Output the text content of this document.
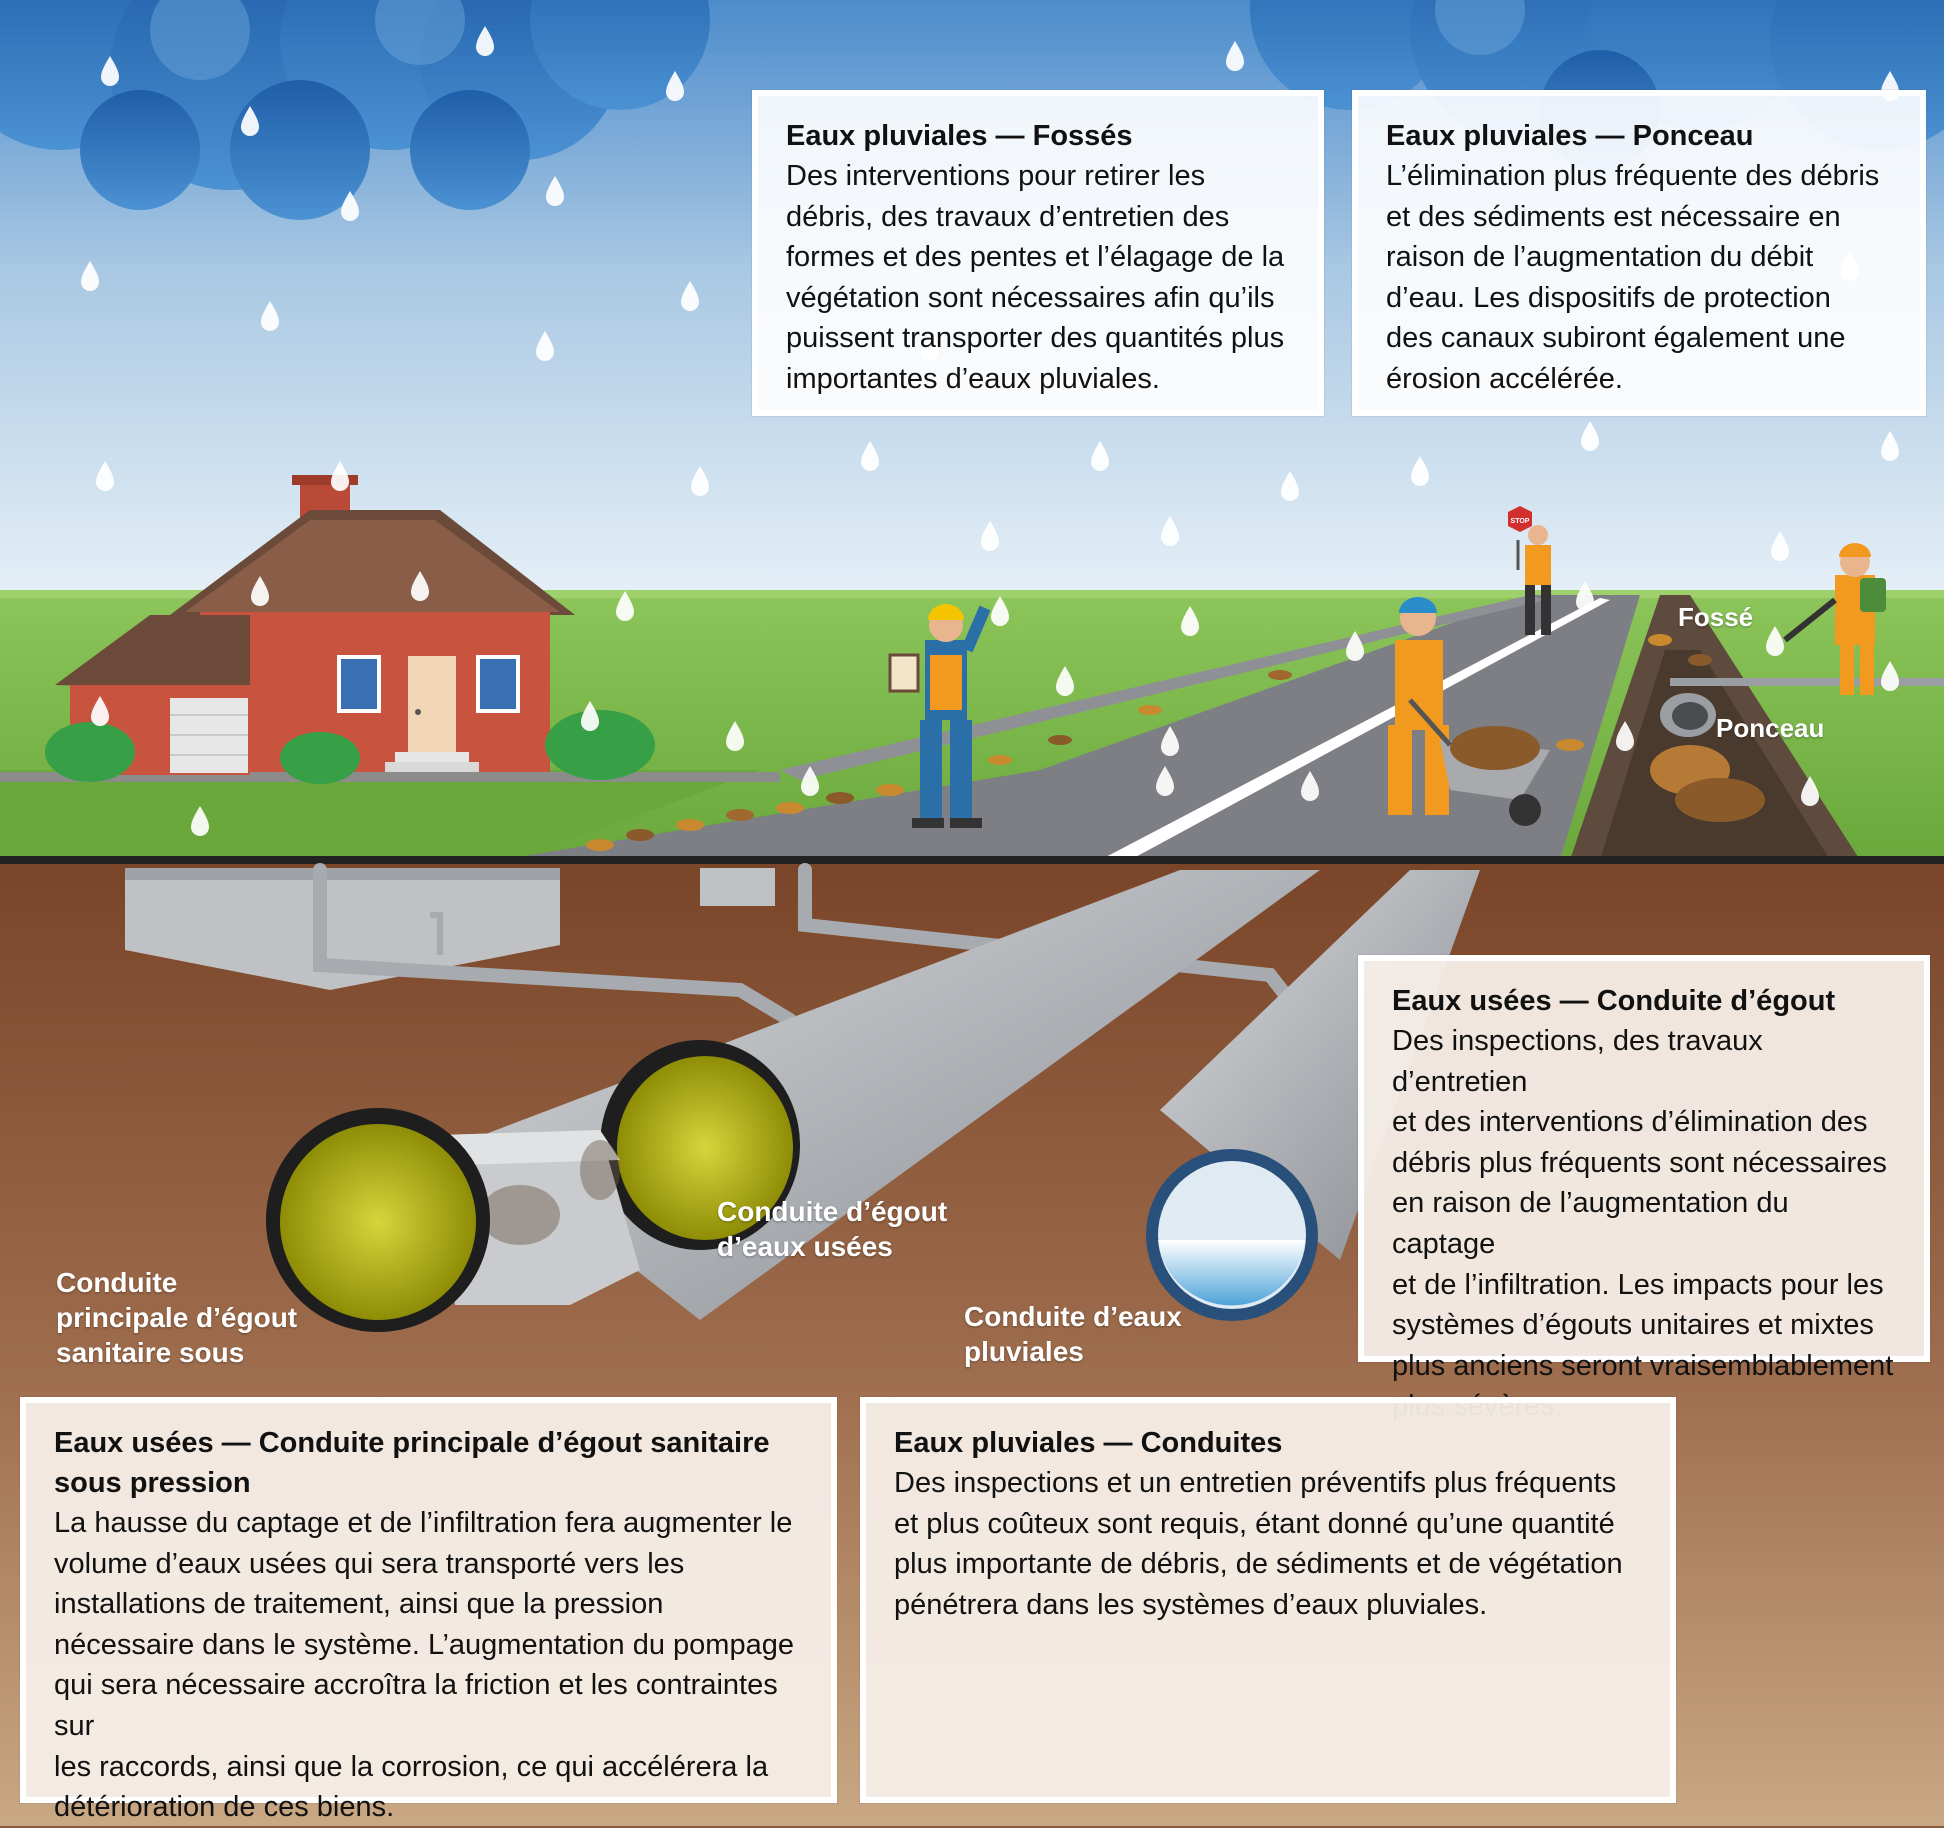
STOP
Eaux pluviales — Fossés

Des interventions pour retirer les
débris, des travaux d’entretien des
formes et des pentes et l’élagage de la
végétation sont nécessaires afin qu’ils
puissent transporter des quantités plus
importantes d’eaux pluviales.

Eaux pluviales — Ponceau

L’élimination plus fréquente des débris
et des sédiments est nécessaire en
raison de l’augmentation du débit
d’eau. Les dispositifs de protection
des canaux subiront également une
érosion accélérée.

Eaux usées — Conduite d’égout

Des inspections, des travaux d’entretien
et des interventions d’élimination des
débris plus fréquents sont nécessaires
en raison de l’augmentation du captage
et de l’infiltration. Les impacts pour les
systèmes d’égouts unitaires et mixtes
plus anciens seront vraisemblablement

Eaux usées — Conduite principale d’égout sanitaire
sous pression

La hausse du captage et de l’infiltration fera augmenter le
volume d’eaux usées qui sera transporté vers les
installations de traitement, ainsi que la pression
nécessaire dans le système. L’augmentation du pompage
qui sera nécessaire accroîtra la friction et les contraintes sur
les raccords, ainsi que la corrosion, ce qui accélérera la
détérioration de ces biens.

Eaux pluviales — Conduites

Des inspections et un entretien préventifs plus fréquents
et plus coûteux sont requis, étant donné qu’une quantité
plus importante de débris, de sédiments et de végétation
pénétrera dans les systèmes d’eaux pluviales.

Fossé
Ponceau
Conduite d’égout
d’eaux usées
Conduite d’eaux
pluviales
Conduite
principale d’égout
sanitaire sous
